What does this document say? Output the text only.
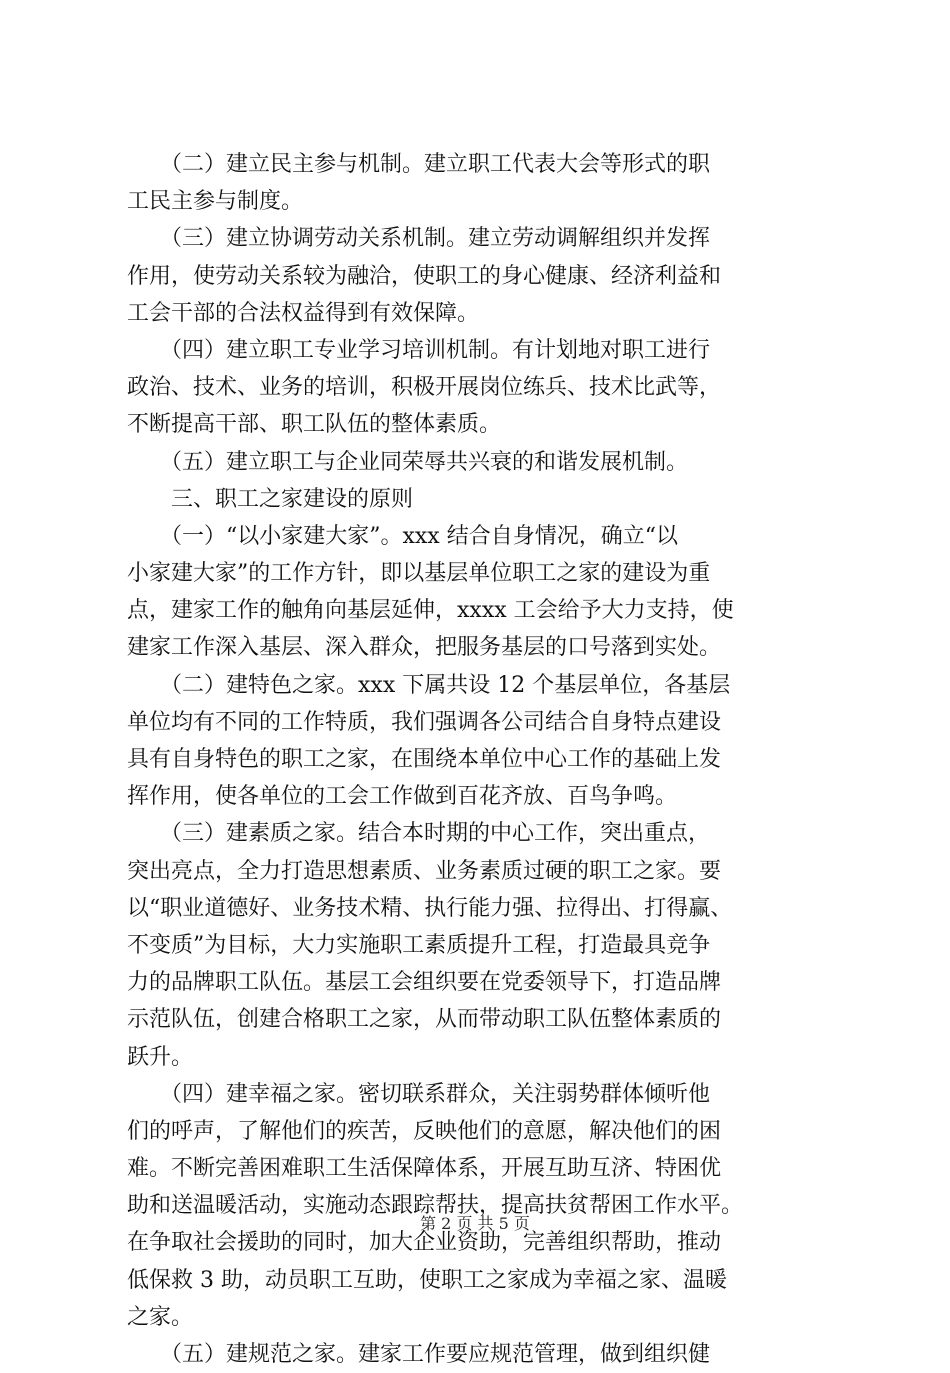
　　（二）建立民主参与机制。建立职工代表大会等形式的职
工民主参与制度。
　　（三）建立协调劳动关系机制。建立劳动调解组织并发挥
作用，使劳动关系较为融洽，使职工的身心健康、经济利益和
工会干部的合法权益得到有效保障。
　　（四）建立职工专业学习培训机制。有计划地对职工进行
政治、技术、业务的培训，积极开展岗位练兵、技术比武等，
不断提高干部、职工队伍的整体素质。
　　（五）建立职工与企业同荣辱共兴衰的和谐发展机制。
　　三、职工之家建设的原则
　　（一）“以小家建大家”。xxx 结合自身情况，确立“以
小家建大家”的工作方针，即以基层单位职工之家的建设为重
点，建家工作的触角向基层延伸，xxxx 工会给予大力支持，使
建家工作深入基层、深入群众，把服务基层的口号落到实处。
　　（二）建特色之家。xxx 下属共设 12 个基层单位，各基层
单位均有不同的工作特质，我们强调各公司结合自身特点建设
具有自身特色的职工之家，在围绕本单位中心工作的基础上发
挥作用，使各单位的工会工作做到百花齐放、百鸟争鸣。
　　（三）建素质之家。结合本时期的中心工作，突出重点，
突出亮点，全力打造思想素质、业务素质过硬的职工之家。要
以“职业道德好、业务技术精、执行能力强、拉得出、打得赢、
不变质”为目标，大力实施职工素质提升工程，打造最具竞争
力的品牌职工队伍。基层工会组织要在党委领导下，打造品牌
示范队伍，创建合格职工之家，从而带动职工队伍整体素质的
跃升。
　　（四）建幸福之家。密切联系群众，关注弱势群体倾听他
们的呼声，了解他们的疾苦，反映他们的意愿，解决他们的困
难。不断完善困难职工生活保障体系，开展互助互济、特困优
助和送温暖活动，实施动态跟踪帮扶，提高扶贫帮困工作水平。
在争取社会援助的同时，加大企业资助，完善组织帮助，推动
低保救 3 助，动员职工互助，使职工之家成为幸福之家、温暖
之家。
　　（五）建规范之家。建家工作要应规范管理，做到组织健
第 2 页 共 5 页
